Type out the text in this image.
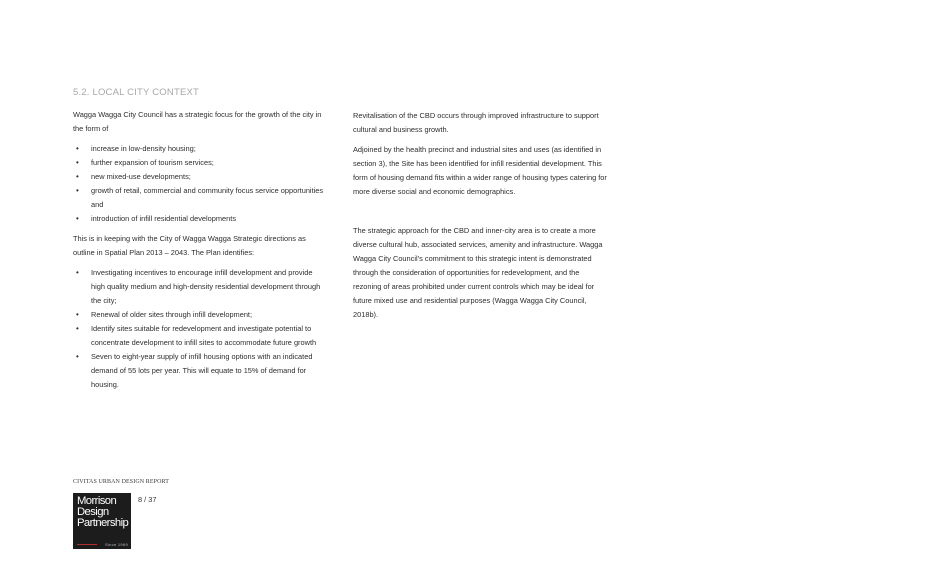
5.2. LOCAL CITY CONTEXT

Wagga Wagga City Council has a strategic focus for the growth of the city in the form of

• increase in low-density housing;
• further expansion of tourism services;
• new mixed-use developments;
• growth of retail, commercial and community focus service opportunities and
• introduction of infill residential developments

This is in keeping with the City of Wagga Wagga Strategic directions as outline in Spatial Plan 2013 – 2043. The Plan identifies:

• Investigating incentives to encourage infill development and provide high quality medium and high-density residential development through the city;
• Renewal of older sites through infill development;
• Identify sites suitable for redevelopment and investigate potential to concentrate development to infill sites to accommodate future growth
• Seven to eight-year supply of infill housing options with an indicated demand of 55 lots per year. This will equate to 15% of demand for housing.

Revitalisation of the CBD occurs through improved infrastructure to support cultural and business growth.

Adjoined by the health precinct and industrial sites and uses (as identified in section 3), the Site has been identified for infill residential development. This form of housing demand fits within a wider range of housing types catering for more diverse social and economic demographics.

The strategic approach for the CBD and inner-city area is to create a more diverse cultural hub, associated services, amenity and infrastructure. Wagga Wagga City Council’s commitment to this strategic intent is demonstrated through the consideration of opportunities for redevelopment, and the rezoning of areas prohibited under current controls which may be ideal for future mixed use and residential purposes (Wagga Wagga City Council, 2018b).

CIVITAS URBAN DESIGN REPORT
Morrison
Design
Partnership
Since 1969
8 / 37
